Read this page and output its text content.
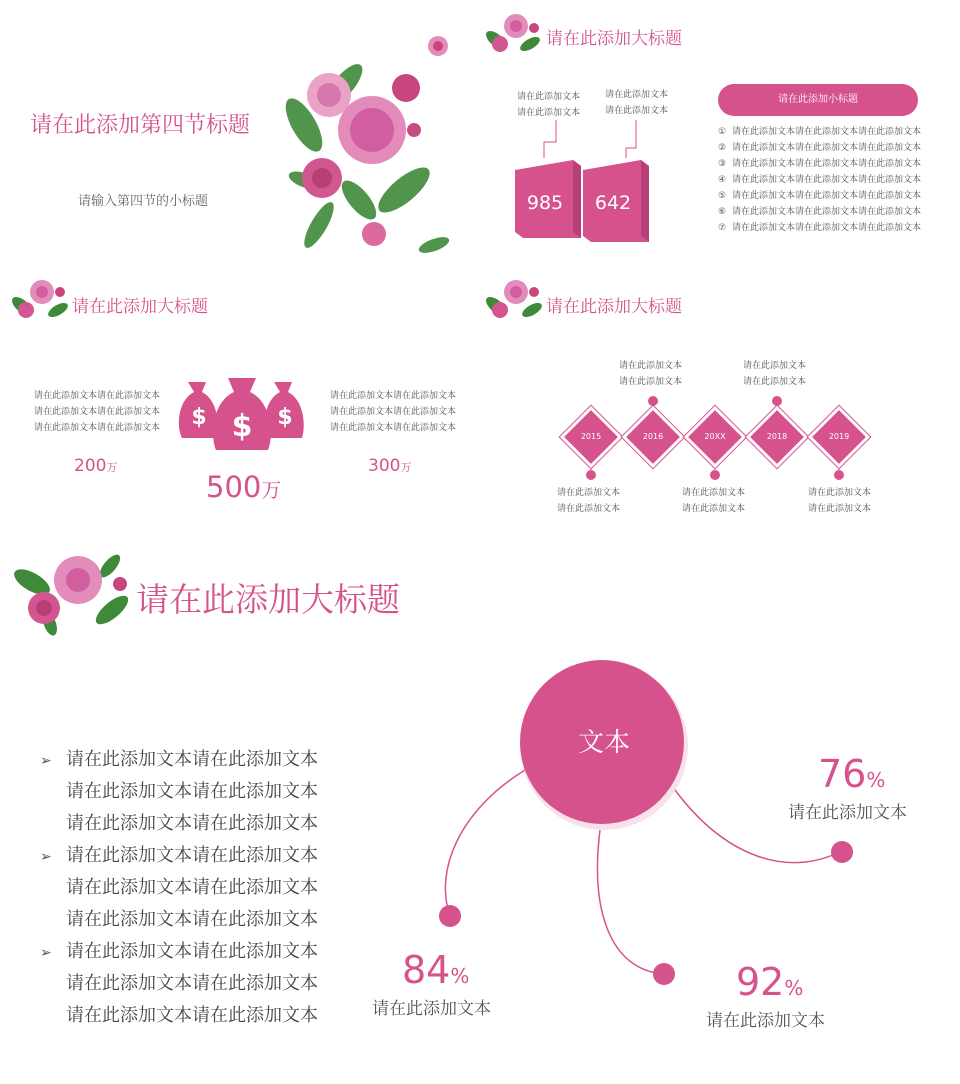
请在此添加第四节标题
请输入第四节的小标题
请在此添加大标题
请在此添加文本
请在此添加文本
请在此添加文本
请在此添加文本
985	642
请在此添加小标题
① 请在此添加文本请在此添加文本请在此添加文本
② 请在此添加文本请在此添加文本请在此添加文本
③ 请在此添加文本请在此添加文本请在此添加文本
④ 请在此添加文本请在此添加文本请在此添加文本
⑤ 请在此添加文本请在此添加文本请在此添加文本
⑥ 请在此添加文本请在此添加文本请在此添加文本
⑦ 请在此添加文本请在此添加文本请在此添加文本
请在此添加大标题
请在此添加文本请在此添加文本
请在此添加文本请在此添加文本
请在此添加文本请在此添加文本
请在此添加文本请在此添加文本
请在此添加文本请在此添加文本
请在此添加文本请在此添加文本
$	$
$
200万
500万
300万
请在此添加大标题
请在此添加文本
请在此添加文本
请在此添加文本
请在此添加文本
2015	2016	20XX	2018	2019
请在此添加文本
请在此添加文本
请在此添加文本
请在此添加文本
请在此添加文本
请在此添加文本
请在此添加大标题
➢ 请在此添加文本请在此添加文本
请在此添加文本请在此添加文本
请在此添加文本请在此添加文本
➢ 请在此添加文本请在此添加文本
请在此添加文本请在此添加文本
请在此添加文本请在此添加文本
➢ 请在此添加文本请在此添加文本
请在此添加文本请在此添加文本
请在此添加文本请在此添加文本
文本
84%
请在此添加文本
92%
请在此添加文本
76%
请在此添加文本
